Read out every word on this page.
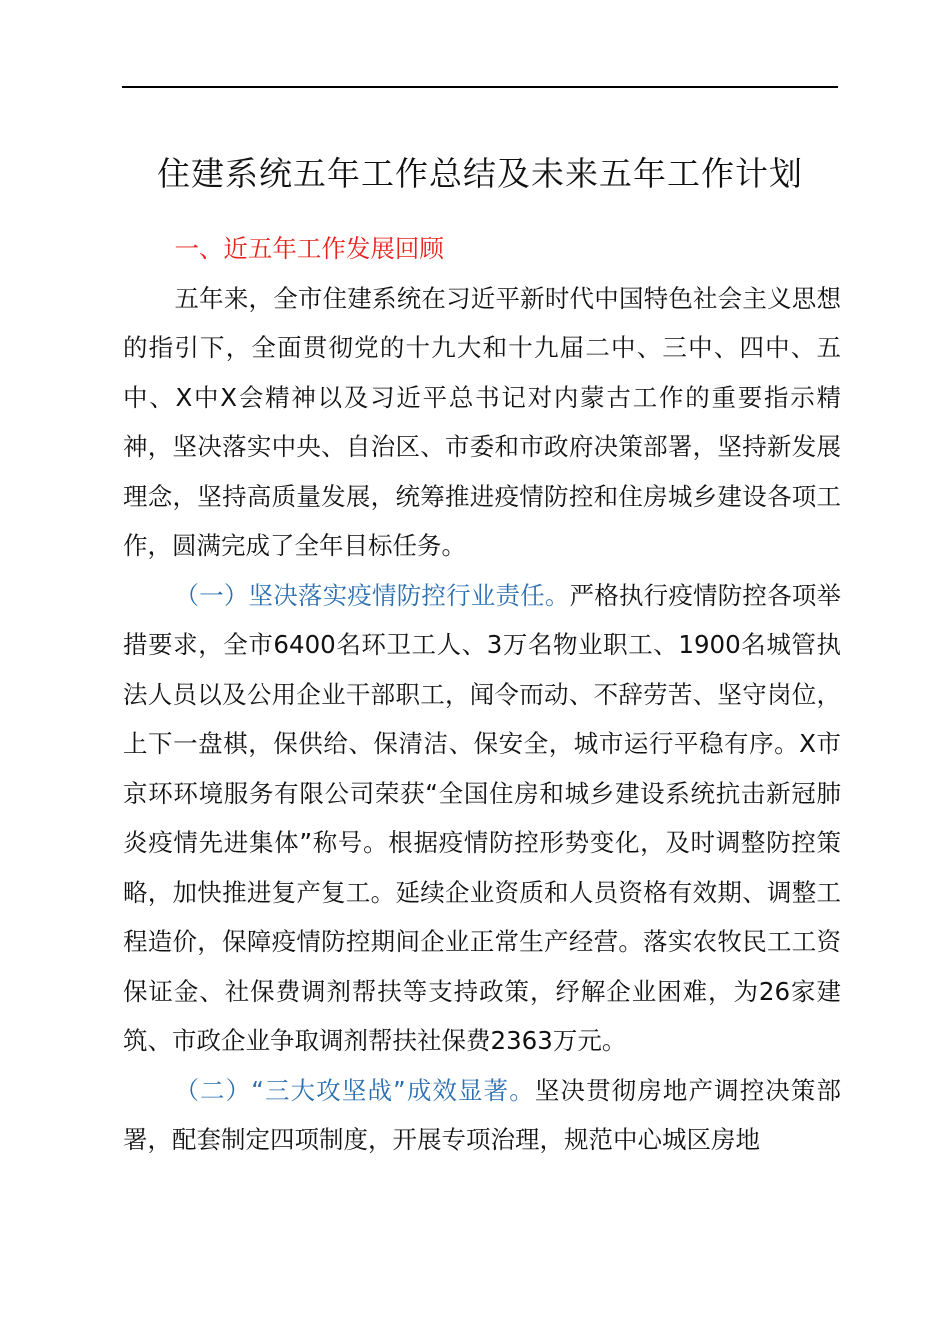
住建系统五年工作总结及未来五年工作计划

一、近五年工作发展回顾

五年来，全市住建系统在习近平新时代中国特色社会主义思想的指引下，全面贯彻党的十九大和十九届二中、三中、四中、五中、X中X会精神以及习近平总书记对内蒙古工作的重要指示精神，坚决落实中央、自治区、市委和市政府决策部署，坚持新发展理念，坚持高质量发展，统筹推进疫情防控和住房城乡建设各项工作，圆满完成了全年目标任务。

（一）坚决落实疫情防控行业责任。严格执行疫情防控各项举措要求，全市6400名环卫工人、3万名物业职工、1900名城管执法人员以及公用企业干部职工，闻令而动、不辞劳苦、坚守岗位，上下一盘棋，保供给、保清洁、保安全，城市运行平稳有序。X市京环环境服务有限公司荣获“全国住房和城乡建设系统抗击新冠肺炎疫情先进集体”称号。根据疫情防控形势变化，及时调整防控策略，加快推进复产复工。延续企业资质和人员资格有效期、调整工程造价，保障疫情防控期间企业正常生产经营。落实农牧民工工资保证金、社保费调剂帮扶等支持政策，纾解企业困难，为26家建筑、市政企业争取调剂帮扶社保费2363万元。

（二）“三大攻坚战”成效显著。坚决贯彻房地产调控决策部署，配套制定四项制度，开展专项治理，规范中心城区房地
